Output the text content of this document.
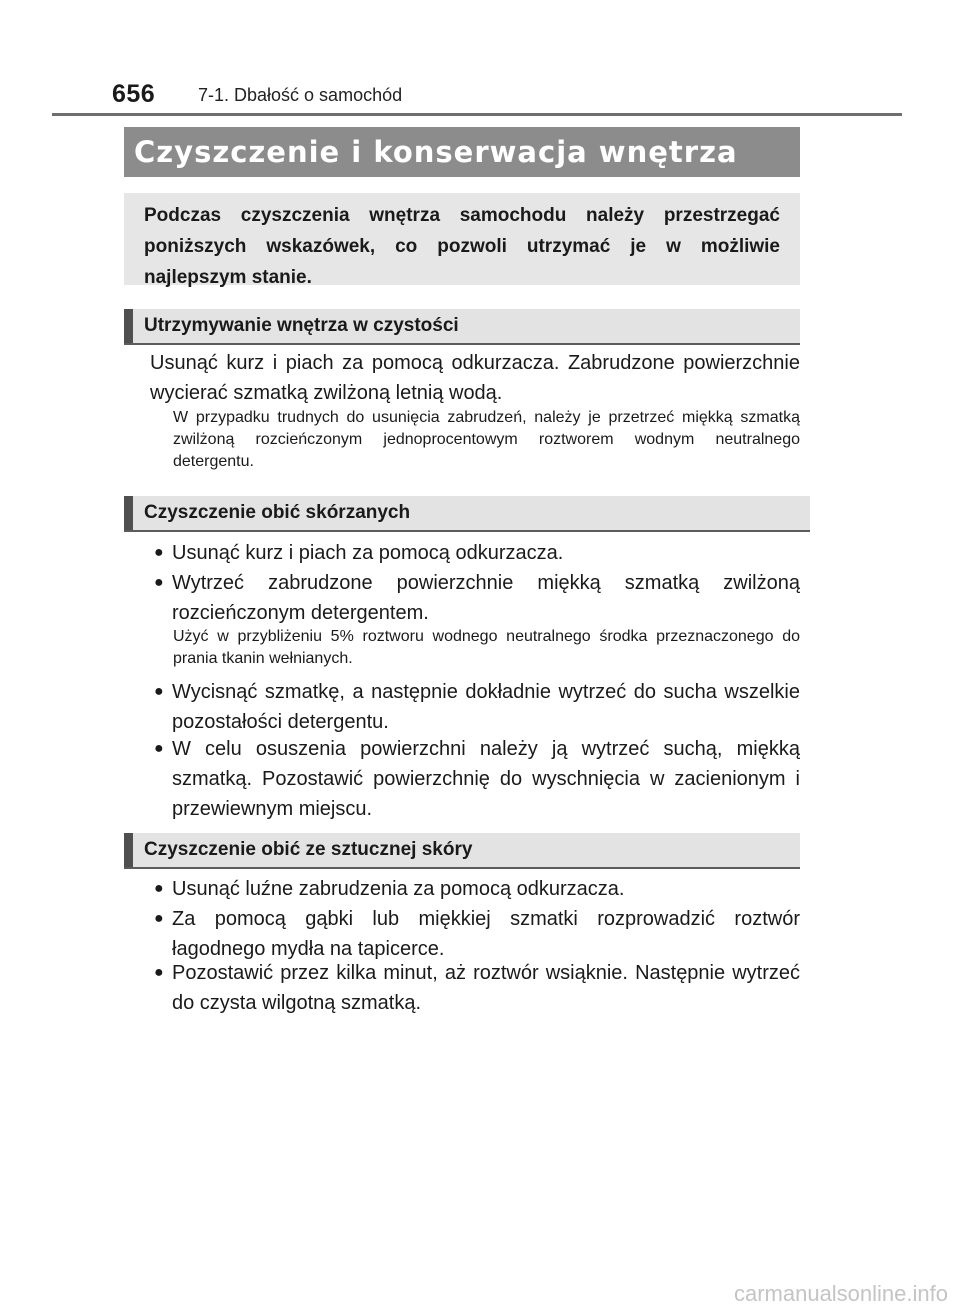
656 7-1. Dbałość o samochód
Czyszczenie i konserwacja wnętrza
Podczas czyszczenia wnętrza samochodu należy przestrzegać poniższych wskazówek, co pozwoli utrzymać je w możliwie najlepszym stanie.
Utrzymywanie wnętrza w czystości
Usunąć kurz i piach za pomocą odkurzacza. Zabrudzone powierzchnie wycierać szmatką zwilżoną letnią wodą.
W przypadku trudnych do usunięcia zabrudzeń, należy je przetrzeć miękką szmatką zwilżoną rozcieńczonym jednoprocentowym roztworem wodnym neutralnego detergentu.
Czyszczenie obić skórzanych
● Usunąć kurz i piach za pomocą odkurzacza.
● Wytrzeć zabrudzone powierzchnie miękką szmatką zwilżoną rozcieńczonym detergentem.
Użyć w przybliżeniu 5% roztworu wodnego neutralnego środka przeznaczonego do prania tkanin wełnianych.
● Wycisnąć szmatkę, a następnie dokładnie wytrzeć do sucha wszelkie pozostałości detergentu.
● W celu osuszenia powierzchni należy ją wytrzeć suchą, miękką szmatką. Pozostawić powierzchnię do wyschnięcia w zacienionym i przewiewnym miejscu.
Czyszczenie obić ze sztucznej skóry
● Usunąć luźne zabrudzenia za pomocą odkurzacza.
● Za pomocą gąbki lub miękkiej szmatki rozprowadzić roztwór łagodnego mydła na tapicerce.
● Pozostawić przez kilka minut, aż roztwór wsiąknie. Następnie wytrzeć do czysta wilgotną szmatką.
carmanualsonline.info
